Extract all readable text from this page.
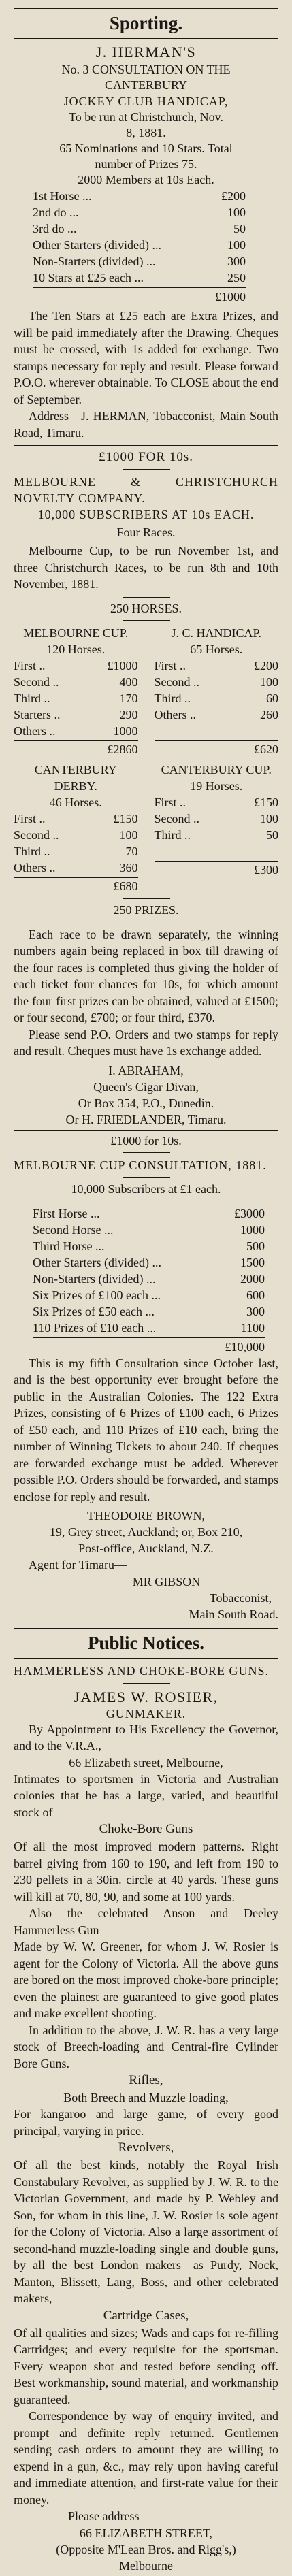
Sporting.
J. HERMAN'S
No. 3 CONSULTATION ON THE
CANTERBURY
JOCKEY CLUB HANDICAP,
To be run at Christchurch, Nov.
8, 1881.
65 Nominations and 10 Stars. Total
number of Prizes 75.
2000 Members at 10s Each.
1st Horse ...	£200
2nd do ...	100
3rd do ...	50
Other Starters (divided) ...	100
Non-Starters (divided) ...	300
10 Stars at £25 each ...	250
£1000

The Ten Stars at £25 each are Extra Prizes, and will be paid immediately after the Drawing. Cheques must be crossed, with 1s added for exchange. Two stamps necessary for reply and result. Please forward P.O.O. wherever obtainable. To CLOSE about the end of September.

Address—J. HERMAN, Tobacconist, Main South Road, Timaru.

£1000 FOR 10s.

MELBOURNE & CHRISTCHURCH NOVELTY COMPANY.

10,000 SUBSCRIBERS AT 10s EACH.

Four Races.

Melbourne Cup, to be run November 1st, and three Christchurch Races, to be run 8th and 10th November, 1881.

250 HORSES.
MELBOURNE CUP.
120 Horses.
First ..	£1000
Second ..	400
Third ..	170
Starters ..	290
Others ..	1000
£2860
J. C. HANDICAP.
65 Horses.
First ..	£200
Second ..	100
Third ..	60
Others ..	260
£620
CANTERBURY DERBY.
46 Horses.
First ..	£150
Second ..	100
Third ..	70
Others ..	360
£680
CANTERBURY CUP.
19 Horses.
First ..	£150
Second ..	100
Third ..	50
£300
250 PRIZES.

Each race to be drawn separately, the winning numbers again being replaced in box till drawing of the four races is completed thus giving the holder of each ticket four chances for 10s, for which amount the four first prizes can be obtained, valued at £1500; or four second, £700; or four third, £370.

Please send P.O. Orders and two stamps for reply and result. Cheques must have 1s exchange added.

I. ABRAHAM,
Queen's Cigar Divan,
Or Box 354, P.O., Dunedin.
Or H. FRIEDLANDER, Timaru.
£1000 for 10s.

MELBOURNE CUP CONSULTATION, 1881.

10,000 Subscribers at £1 each.
First Horse ...	£3000
Second Horse ...	1000
Third Horse ...	500
Other Starters (divided) ...	1500
Non-Starters (divided) ...	2000
Six Prizes of £100 each ...	600
Six Prizes of £50 each ...	300
110 Prizes of £10 each ...	1100
£10,000

This is my fifth Consultation since October last, and is the best opportunity ever brought before the public in the Australian Colonies. The 122 Extra Prizes, consisting of 6 Prizes of £100 each, 6 Prizes of £50 each, and 110 Prizes of £10 each, bring the number of Winning Tickets to about 240. If cheques are forwarded exchange must be added. Wherever possible P.O. Orders should be forwarded, and stamps enclose for reply and result.

THEODORE BROWN,
19, Grey street, Auckland; or, Box 210,
Post-office, Auckland, N.Z.

Agent for Timaru—

MR GIBSON
Tobacconist,
Main South Road.
Public Notices.

HAMMERLESS AND CHOKE-BORE GUNS.

JAMES W. ROSIER,
GUNMAKER.

By Appointment to His Excellency the Governor, and to the V.R.A.,

66 Elizabeth street, Melbourne,

Intimates to sportsmen in Victoria and Australian colonies that he has a large, varied, and beautiful stock of

Choke-Bore Guns

Of all the most improved modern patterns. Right barrel giving from 160 to 190, and left from 190 to 230 pellets in a 30in. circle at 40 yards. These guns will kill at 70, 80, 90, and some at 100 yards.

Also the celebrated Anson and Deeley Hammerless Gun

Made by W. W. Greener, for whom J. W. Rosier is agent for the Colony of Victoria. All the above guns are bored on the most improved choke-bore principle; even the plainest are guaranteed to give good plates and make excellent shooting.

In addition to the above, J. W. R. has a very large stock of Breech-loading and Central-fire Cylinder Bore Guns.

Rifles,
Both Breech and Muzzle loading,

For kangaroo and large game, of every good principal, varying in price.

Revolvers,

Of all the best kinds, notably the Royal Irish Constabulary Revolver, as supplied by J. W. R. to the Victorian Government, and made by P. Webley and Son, for whom in this line, J. W. Rosier is sole agent for the Colony of Victoria. Also a large assortment of second-hand muzzle-loading single and double guns, by all the best London makers—as Purdy, Nock, Manton, Blissett, Lang, Boss, and other celebrated makers,

Cartridge Cases,

Of all qualities and sizes; Wads and caps for re-filling Cartridges; and every requisite for the sportsman. Every weapon shot and tested before sending off. Best workmanship, sound material, and workmanship guaranteed.

Correspondence by way of enquiry invited, and prompt and definite reply returned. Gentlemen sending cash orders to amount they are willing to expend in a gun, &c., may rely upon having careful and immediate attention, and first-rate value for their money.

Please address—

66 ELIZABETH STREET,
(Opposite M'Lean Bros. and Rigg's,)
Melbourne
